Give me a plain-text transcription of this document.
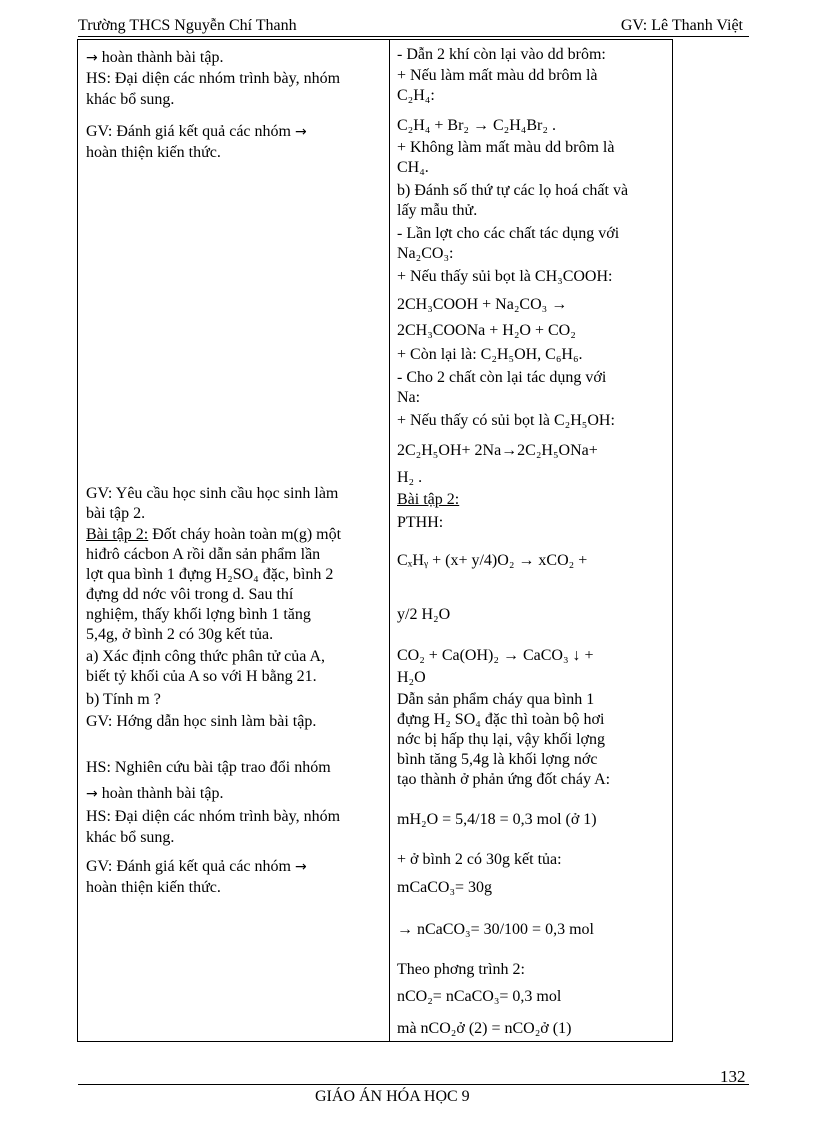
Trường THCS Nguyễn Chí Thanh	GV: Lê Thanh Việt
→ hoàn thành bài tập.
HS: Đại diện các nhóm trình bày, nhóm
khác bổ sung.
GV: Đánh giá kết quả các nhóm →
hoàn thiện kiến thức.
GV: Yêu cầu học sinh cầu học sinh làm
bài tập 2.
Bài tập 2: Đốt cháy hoàn toàn m(g) một
hiđrô cácbon A rồi dẫn sản phẩm lần
lợt qua bình 1 đựng H₂SO₄ đặc, bình 2
đựng dd nớc vôi trong d. Sau thí
nghiệm, thấy khối lợng bình 1 tăng
5,4g, ở bình 2 có 30g kết tủa.
a) Xác định công thức phân tử của A,
biết tỷ khối của A so với H bằng 21.
b) Tính m ?
GV: Hớng dẫn học sinh làm bài tập.
HS: Nghiên cứu bài tập trao đổi nhóm
→ hoàn thành bài tập.
HS: Đại diện các nhóm trình bày, nhóm
khác bổ sung.
GV: Đánh giá kết quả các nhóm →
hoàn thiện kiến thức.

- Dẫn 2 khí còn lại vào dd brôm:
+ Nếu làm mất màu dd brôm là
C₂H₄:
C₂H₄ + Br₂ → C₂H₄Br₂ .
+ Không làm mất màu dd brôm là
CH₄.
b) Đánh số thứ tự các lọ hoá chất và
lấy mẫu thử.
- Lần lợt cho các chất tác dụng với
Na₂CO₃:
+ Nếu thấy sủi bọt là CH₃COOH:
2CH₃COOH + Na₂CO₃ →
2CH₃COONa + H₂O + CO₂
+ Còn lại là: C₂H₅OH, C₆H₆.
- Cho 2 chất còn lại tác dụng với
Na:
+ Nếu thấy có sủi bọt là C₂H₅OH:
2C₂H₅OH+ 2Na→2C₂H₅ONa+
H₂ .
Bài tập 2:
PTHH:
CₓHᵧ + (x+ y/4)O₂ → xCO₂ +
y/2 H₂O
CO₂ + Ca(OH)₂ → CaCO₃ ↓ +
H₂O
Dẫn sản phẩm cháy qua bình 1
đựng H₂ SO₄ đặc thì toàn bộ hơi
nớc bị hấp thụ lại, vậy khối lợng
bình tăng 5,4g là khối lợng nớc
tạo thành ở phản ứng đốt cháy A:
mH₂O = 5,4/18 = 0,3 mol (ở 1)
+ ở bình 2 có 30g kết tủa:
mCaCO₃= 30g
→ nCaCO₃= 30/100 = 0,3 mol
Theo phơng trình 2:
nCO₂= nCaCO₃= 0,3 mol
mà nCO₂ở (2) = nCO₂ở (1)
132
GIÁO ÁN HÓA HỌC 9
